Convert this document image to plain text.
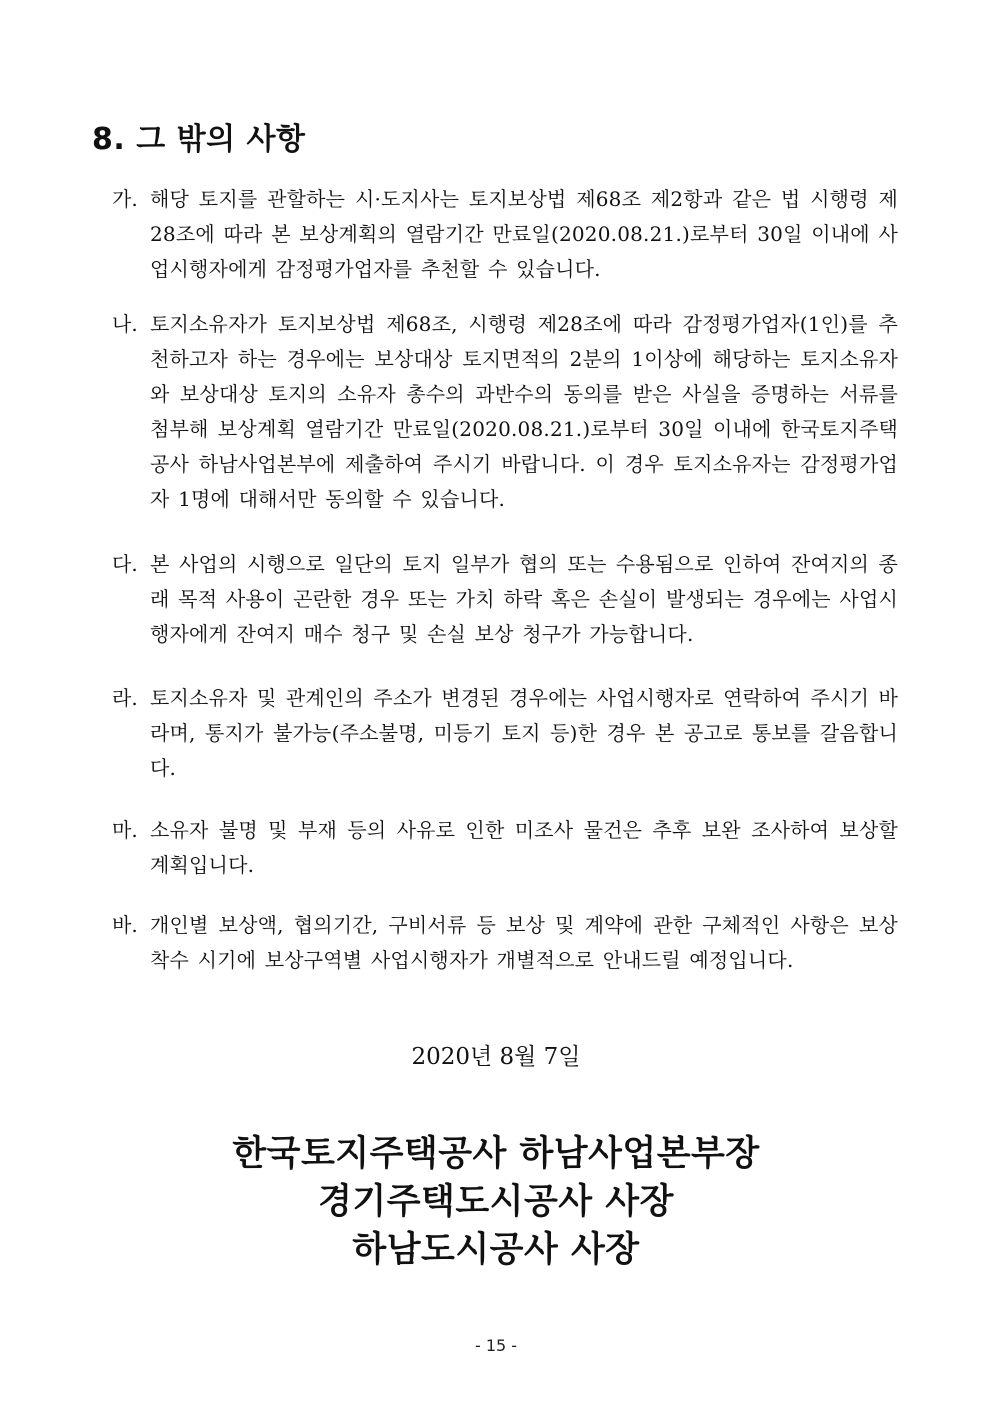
8. 그 밖의 사항
가. 해당 토지를 관할하는 시·도지사는 토지보상법 제68조 제2항과 같은 법 시행령 제28조에 따라 본 보상계획의 열람기간 만료일(2020.08.21.)로부터 30일 이내에 사업시행자에게 감정평가업자를 추천할 수 있습니다.
나. 토지소유자가 토지보상법 제68조, 시행령 제28조에 따라 감정평가업자(1인)를 추천하고자 하는 경우에는 보상대상 토지면적의 2분의 1이상에 해당하는 토지소유자와 보상대상 토지의 소유자 총수의 과반수의 동의를 받은 사실을 증명하는 서류를 첨부해 보상계획 열람기간 만료일(2020.08.21.)로부터 30일 이내에 한국토지주택공사 하남사업본부에 제출하여 주시기 바랍니다. 이 경우 토지소유자는 감정평가업자 1명에 대해서만 동의할 수 있습니다.
다. 본 사업의 시행으로 일단의 토지 일부가 협의 또는 수용됨으로 인하여 잔여지의 종래 목적 사용이 곤란한 경우 또는 가치 하락 혹은 손실이 발생되는 경우에는 사업시행자에게 잔여지 매수 청구 및 손실 보상 청구가 가능합니다.
라. 토지소유자 및 관계인의 주소가 변경된 경우에는 사업시행자로 연락하여 주시기 바라며, 통지가 불가능(주소불명, 미등기 토지 등)한 경우 본 공고로 통보를 갈음합니다.
마. 소유자 불명 및 부재 등의 사유로 인한 미조사 물건은 추후 보완 조사하여 보상할 계획입니다.
바. 개인별 보상액, 협의기간, 구비서류 등 보상 및 계약에 관한 구체적인 사항은 보상착수 시기에 보상구역별 사업시행자가 개별적으로 안내드릴 예정입니다.
2020년 8월 7일
한국토지주택공사 하남사업본부장
경기주택도시공사 사장
하남도시공사 사장
- 15 -
